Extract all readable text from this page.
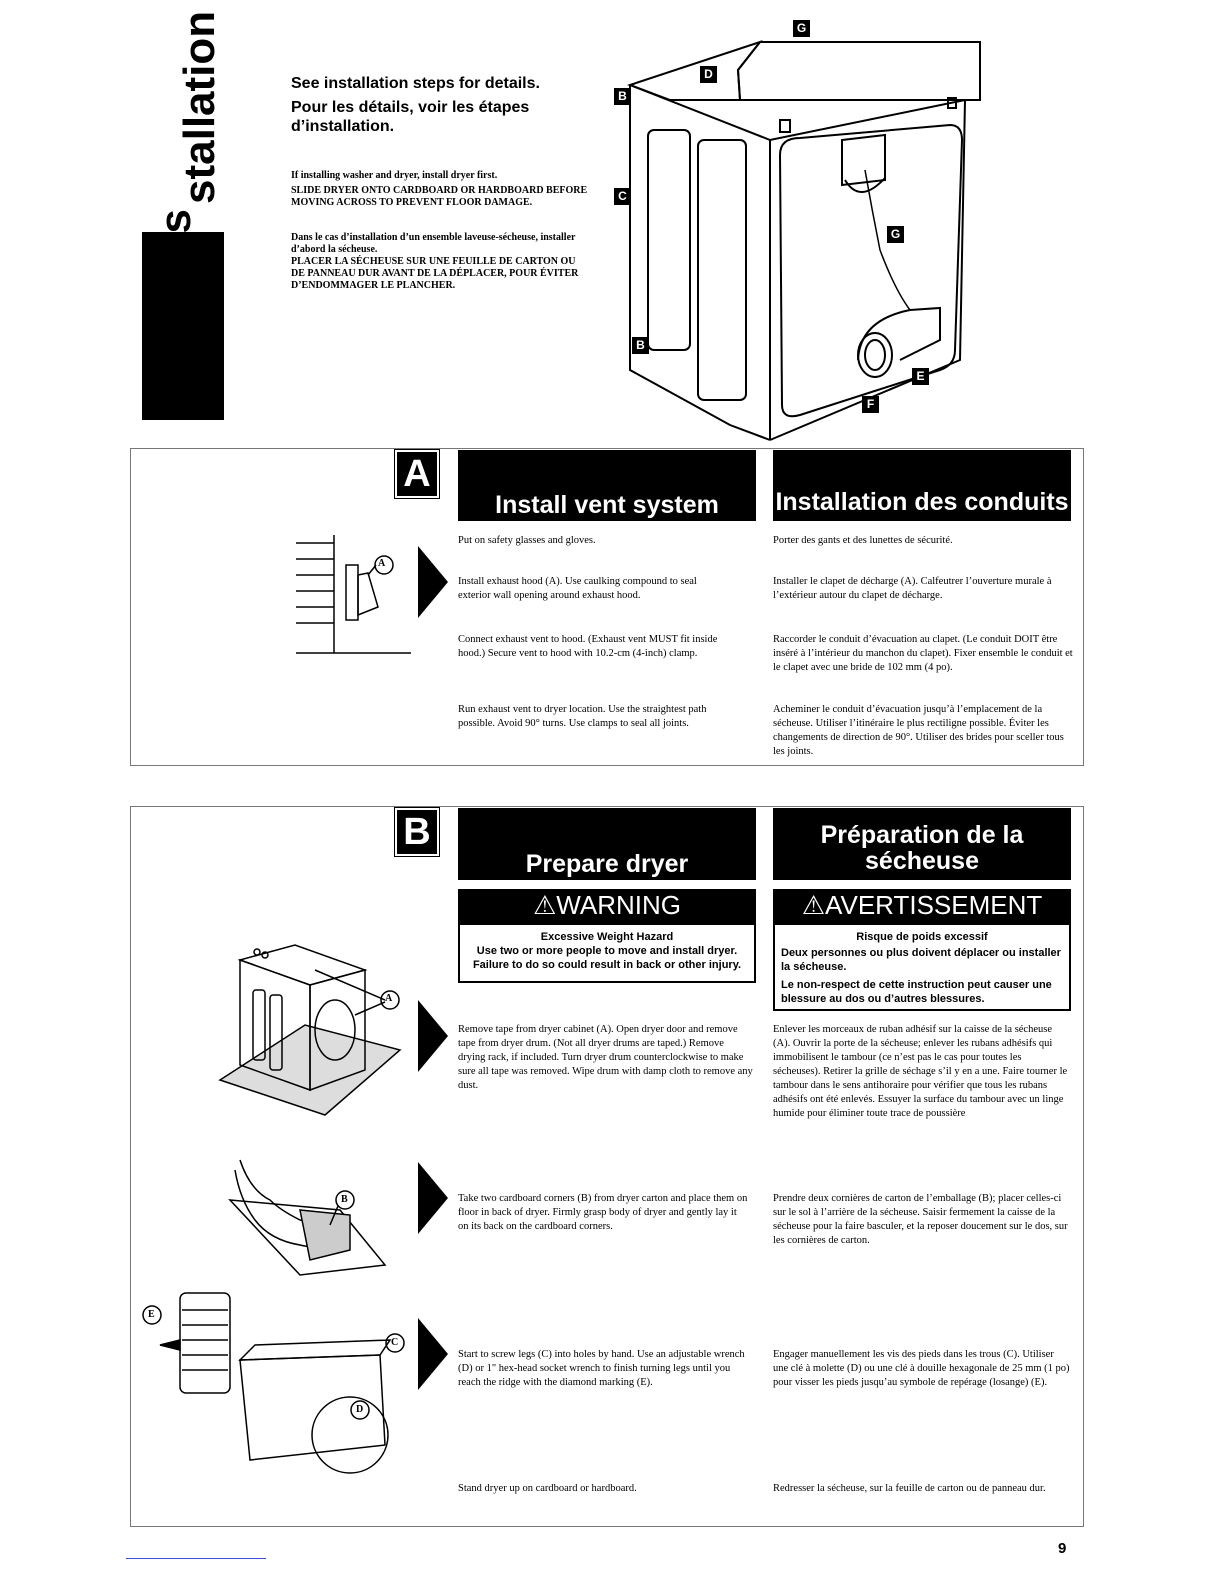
steps
stallation	See installation steps for details.
Pour les détails, voir les étapes d’installation.
If installing washer and dryer, install dryer first.
SLIDE DRYER ONTO CARDBOARD OR HARDBOARD BEFORE MOVING ACROSS TO PREVENT FLOOR DAMAGE.
Dans le cas d’installation d’un ensemble laveuse-sécheuse, installer d’abord la sécheuse.
PLACER LA SÉCHEUSE SUR UNE FEUILLE DE CARTON OU DE PANNEAU DUR AVANT DE LA DÉPLACER, POUR ÉVITER D’ENDOMMAGER LE PLANCHER.
G
D
B
C
G
B
E
F
A
Install vent system	Installation des conduits
A
Put on safety glasses and gloves.
Install exhaust hood (A). Use caulking compound to seal exterior wall opening around exhaust hood.
Connect exhaust vent to hood. (Exhaust vent MUST fit inside hood.) Secure vent to hood with 10.2-cm (4-inch) clamp.
Run exhaust vent to dryer location. Use the straightest path possible. Avoid 90° turns. Use clamps to seal all joints.
Porter des gants et des lunettes de sécurité.
Installer le clapet de décharge (A). Calfeutrer l’ouverture murale à l’extérieur autour du clapet de décharge.
Raccorder le conduit d’évacuation au clapet. (Le conduit DOIT être inséré à l’intérieur du manchon du clapet). Fixer ensemble le conduit et le clapet avec une bride de 102 mm (4 po).
Acheminer le conduit d’évacuation jusqu’à l’emplacement de la sécheuse. Utiliser l’itinéraire le plus rectiligne possible. Éviter les changements de direction de 90°. Utiliser des brides pour sceller tous les joints.
B
Prepare dryer
Préparation de la sécheuse
⚠WARNING
Excessive Weight Hazard
Use two or more people to move and install dryer.
Failure to do so could result in back or other injury.
⚠AVERTISSEMENT
Risque de poids excessif
Deux personnes ou plus doivent déplacer ou installer la sécheuse.
Le non-respect de cette instruction peut causer une blessure au dos ou d’autres blessures.
A
B
E
C
D
Remove tape from dryer cabinet (A). Open dryer door and remove tape from dryer drum. (Not all dryer drums are taped.) Remove drying rack, if included. Turn dryer drum counterclockwise to make sure all tape was removed. Wipe drum with damp cloth to remove any dust.
Take two cardboard corners (B) from dryer carton and place them on floor in back of dryer. Firmly grasp body of dryer and gently lay it on its back on the cardboard corners.
Start to screw legs (C) into holes by hand. Use an adjustable wrench (D) or 1" hex-head socket wrench to finish turning legs until you reach the ridge with the diamond marking (E).
Stand dryer up on cardboard or hardboard.
Enlever les morceaux de ruban adhésif sur la caisse de la sécheuse (A). Ouvrir la porte de la sécheuse; enlever les rubans adhésifs qui immobilisent le tambour (ce n’est pas le cas pour toutes les sécheuses). Retirer la grille de séchage s’il y en a une. Faire tourner le tambour dans le sens antihoraire pour vérifier que tous les rubans adhésifs ont été enlevés. Essuyer la surface du tambour avec un linge humide pour éliminer toute trace de poussière
Prendre deux cornières de carton de l’emballage (B); placer celles-ci sur le sol à l’arrière de la sécheuse. Saisir fermement la caisse de la sécheuse pour la faire basculer, et la reposer doucement sur le dos, sur les cornières de carton.
Engager manuellement les vis des pieds dans les trous (C). Utiliser une clé à molette (D) ou une clé à douille hexagonale de 25 mm (1 po) pour visser les pieds jusqu’au symbole de repérage (losange) (E).
Redresser la sécheuse, sur la feuille de carton ou de panneau dur.
9
